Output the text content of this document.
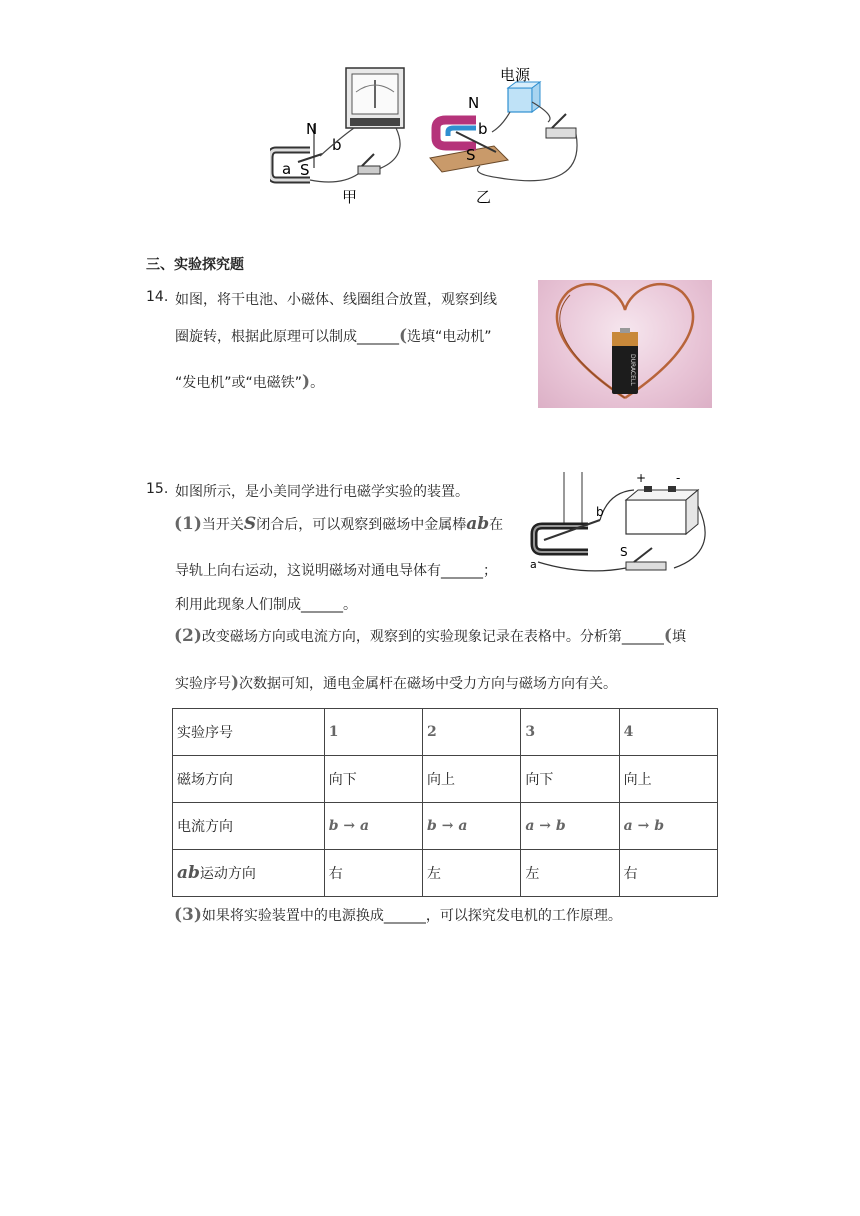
N
S
a
b
甲
N
b
S
电源
乙
三、实验探究题
14. 如图，将干电池、小磁体、线圈组合放置，观察到线
圈旋转，根据此原理可以制成______(选填“电动机”
“发电机”或“电磁铁”)。	DURACELL
15. 如图所示，是小美同学进行电磁学实验的装置。
(1)当开关S闭合后，可以观察到磁场中金属棒ab在
导轨上向右运动，这说明磁场对通电导体有______；
利用此现象人们制成______。
(2)改变磁场方向或电流方向，观察到的实验现象记录在表格中。分析第______(填
实验序号)次数据可知，通电金属杆在磁场中受力方向与磁场方向有关。
+ -
b
a
S
实验序号	1	2	3	4
磁场方向	向下	向上	向下	向上
电流方向	b → a	b → a	a → b	a → b
ab运动方向	右	左	左	右
(3)如果将实验装置中的电源换成______，可以探究发电机的工作原理。
